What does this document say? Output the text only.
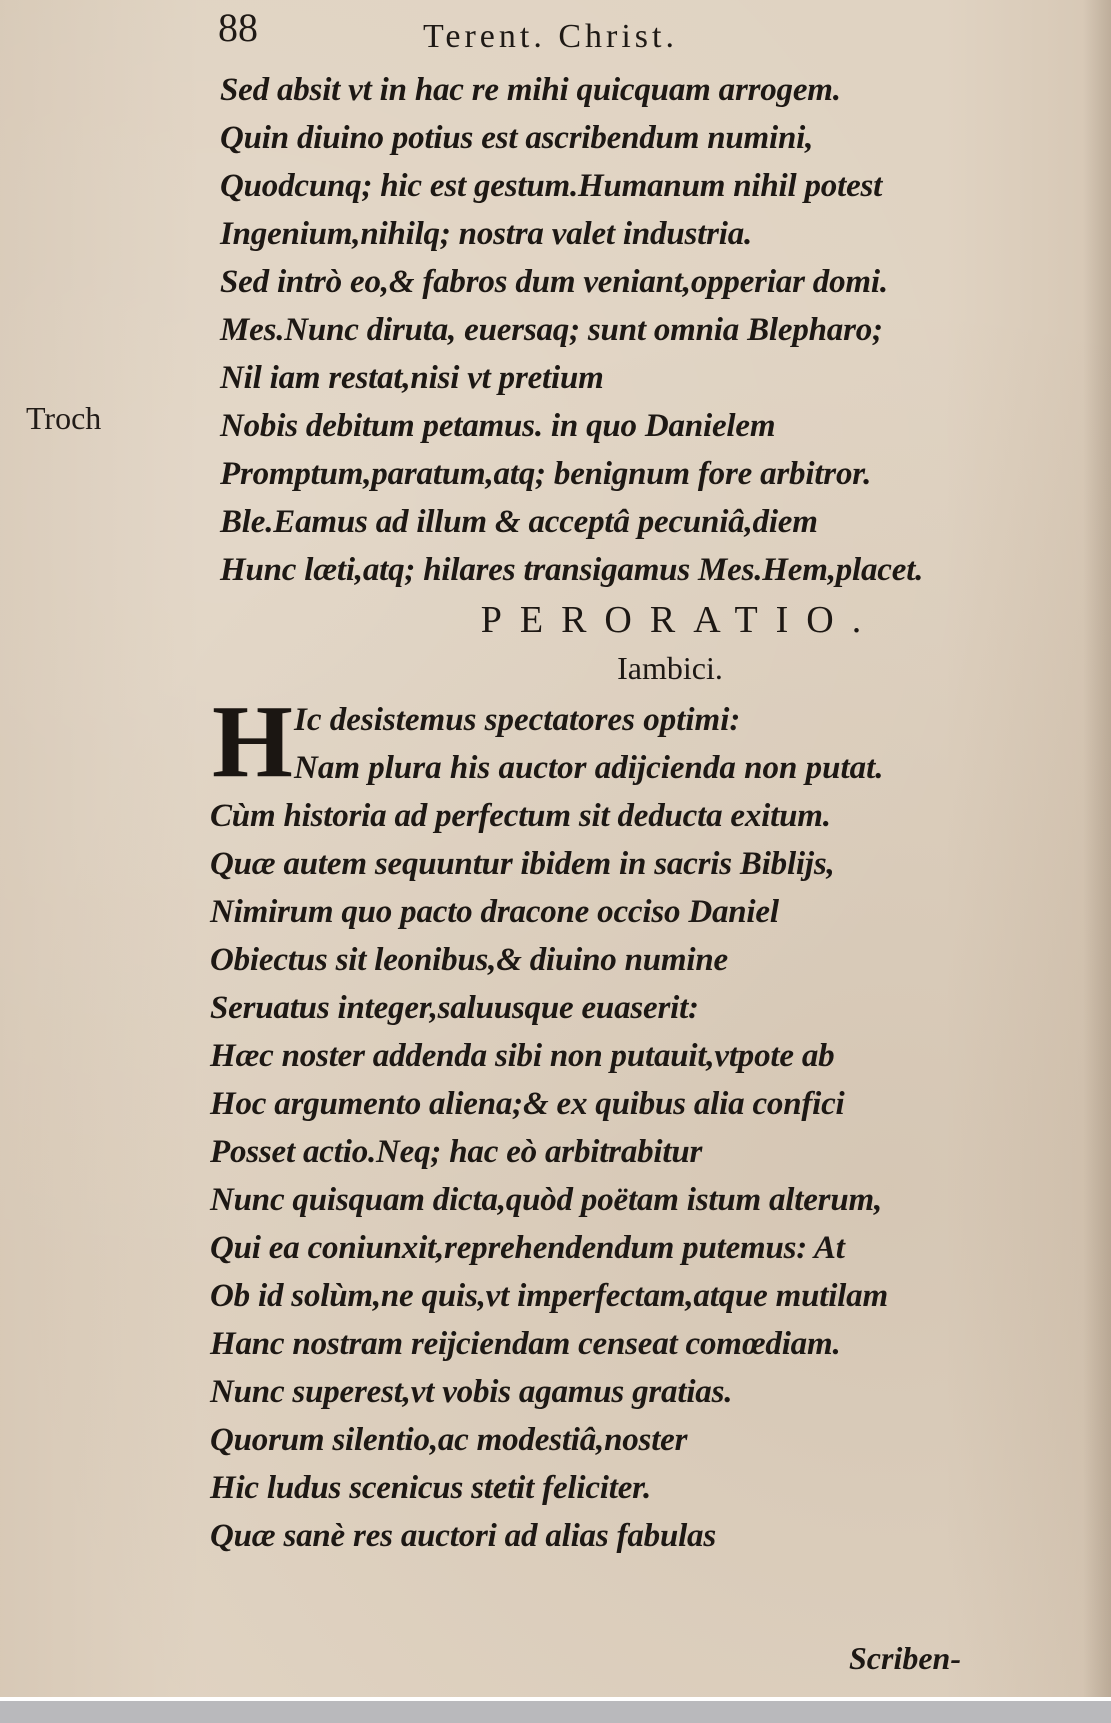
88	Terent. Christ.
Troch
Sed absit vt in hac re mihi quicquam arrogem.
Quin diuino potius est ascribendum numini,
Quodcunq; hic est gestum.Humanum nihil potest
Ingenium,nihilq; nostra valet industria.
Sed intrò eo,& fabros dum veniant,opperiar domi.
Mes.Nunc diruta, euersaq; sunt omnia Blepharo;
Nil iam restat,nisi vt pretium
Nobis debitum petamus. in quo Danielem
Promptum,paratum,atq; benignum fore arbitror.
Ble.Eamus ad illum & acceptâ pecuniâ,diem
Hunc læti,atq; hilares transigamus Mes.Hem,placet.
PERORATIO.
Iambici.
H Ic desistemus spectatores optimi:
Nam plura his auctor adijcienda non putat.
Cùm historia ad perfectum sit deducta exitum.
Quæ autem sequuntur ibidem in sacris Biblijs,
Nimirum quo pacto dracone occiso Daniel
Obiectus sit leonibus,& diuino numine
Seruatus integer,saluusque euaserit:
Hæc noster addenda sibi non putauit,vtpote ab
Hoc argumento aliena;& ex quibus alia confici
Posset actio.Neq; hac eò arbitrabitur
Nunc quisquam dicta,quòd poëtam istum alterum,
Qui ea coniunxit,reprehendendum putemus: At
Ob id solùm,ne quis,vt imperfectam,atque mutilam
Hanc nostram reijciendam censeat comœdiam.
Nunc superest,vt vobis agamus gratias.
Quorum silentio,ac modestiâ,noster
Hic ludus scenicus stetit feliciter.
Quæ sanè res auctori ad alias fabulas
Scriben-
